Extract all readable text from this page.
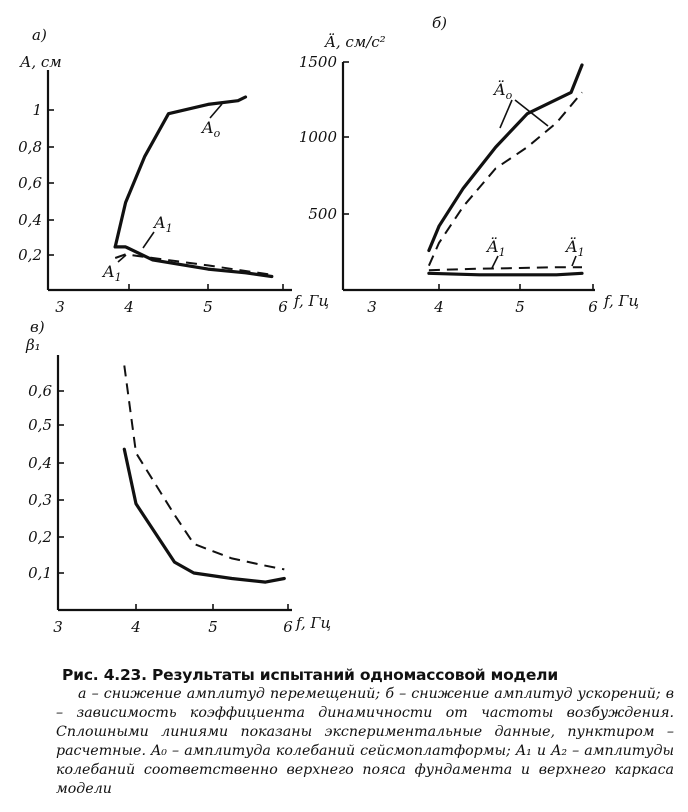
а)
А, см
f, Гц
0,2
0,4
0,6
0,8
1
3	4	5	6
$A_o$
$A_1$
$A_1$
б)
Ä, см/с²
f, Гц
500
1000
1500
3	4	5	6
$Ä_o$
$Ä_1$	$Ä_1$
в)
β₁
f, Гц
0,1
0,2
0,3
0,4
0,5
0,6
3	4	5	6

Рис. 4.23. Результаты испытаний одномассовой модели

а – снижение амплитуд перемещений; б – снижение амплитуд ускорений; в – зависимость коэффициента динамичности от частоты возбуждения. Сплошными линиями показаны экспериментальные данные, пунктиром – расчетные. A₀ – амплитуда колебаний сейсмоплатформы; A₁ и A₂ – амплитуды колебаний соответственно верхнего пояса фундамента и верхнего каркаса модели
